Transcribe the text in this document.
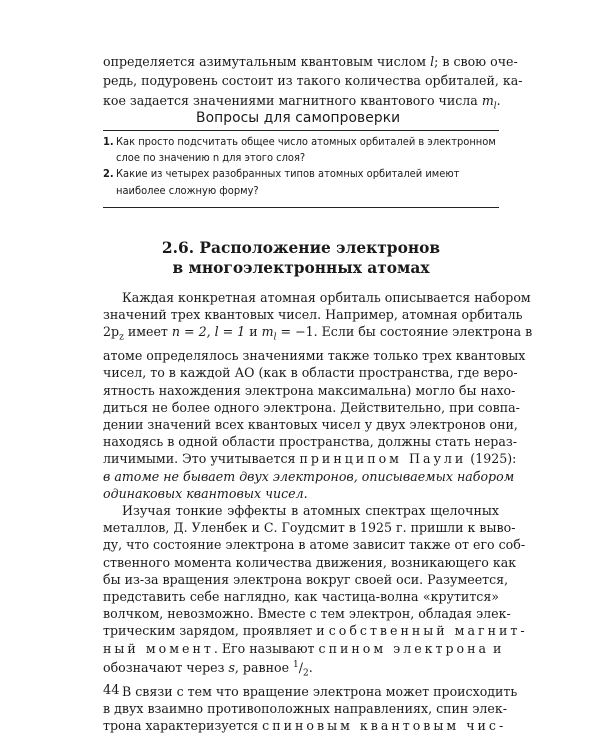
определяется азимутальным квантовым числом l; в свою оче-
редь, подуровень состоит из такого количества орбиталей, ка-
кое задается значениями магнитного квантового числа $m_l$.
Вопросы для самопроверки
1. Как просто подсчитать общее число атомных орбиталей в электронном слое по значению n для этого слоя?
2. Какие из четырех разобранных типов атомных орбиталей имеют наиболее сложную форму?
2.6. Расположение электронов
в многоэлектронных атомах
Каждая конкретная атомная орбиталь описывается набором
значений трех квантовых чисел. Например, атомная орбиталь
$2p_z$ имеет n = 2, l = 1 и $m_l = -1$. Если бы состояние электрона в
атоме определялось значениями также только трех квантовых
чисел, то в каждой АО (как в области пространства, где веро-
ятность нахождения электрона максимальна) могло бы нахо-
диться не более одного электрона. Действительно, при совпа-
дении значений всех квантовых чисел у двух электронов они,
находясь в одной области пространства, должны стать нераз-
личимыми. Это учитывается принципом Паули (1925):
в атоме не бывает двух электронов, описываемых набором
одинаковых квантовых чисел.
Изучая тонкие эффекты в атомных спектрах щелочных
металлов, Д. Уленбек и С. Гоудсмит в 1925 г. пришли к выво-
ду, что состояние электрона в атоме зависит также от его соб-
ственного момента количества движения, возникающего как
бы из-за вращения электрона вокруг своей оси. Разумеется,
представить себе наглядно, как частица-волна «крутится»
волчком, невозможно. Вместе с тем электрон, обладая элек-
трическим зарядом, проявляет и собственный магнит-
ный момент. Его называют спином электрона и
обозначают через s, равное $^1/_2$.
В связи с тем что вращение электрона может происходить
в двух взаимно противоположных направлениях, спин элек-
трона характеризуется спиновым квантовым чис-
44
